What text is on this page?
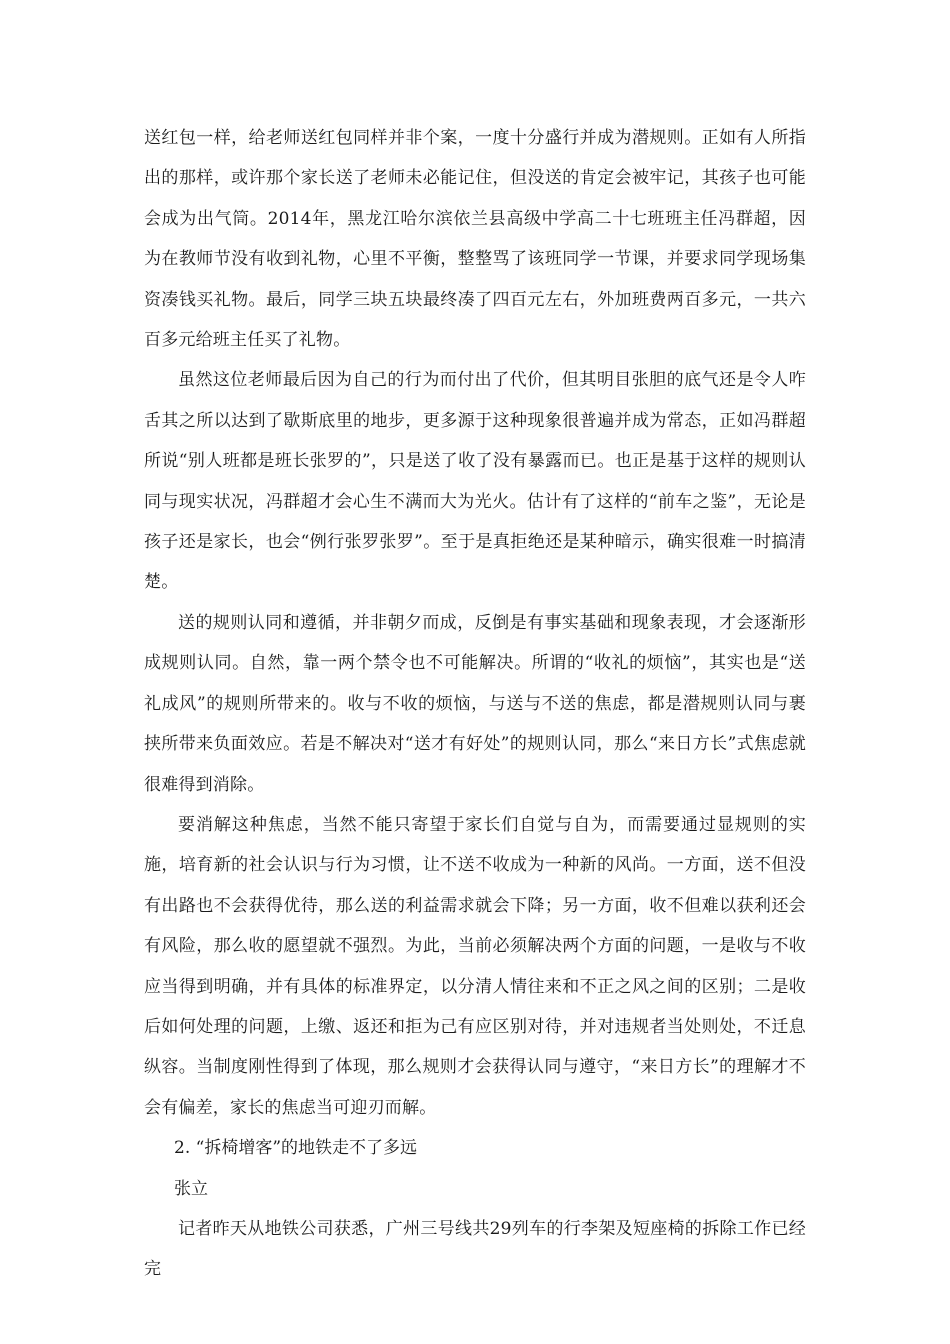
送红包一样，给老师送红包同样并非个案，一度十分盛行并成为潜规则。正如有人所指出的那样，或许那个家长送了老师未必能记住，但没送的肯定会被牢记，其孩子也可能会成为出气筒。2014年，黑龙江哈尔滨依兰县高级中学高二十七班班主任冯群超，因为在教师节没有收到礼物，心里不平衡，整整骂了该班同学一节课，并要求同学现场集资凑钱买礼物。最后，同学三块五块最终凑了四百元左右，外加班费两百多元，一共六百多元给班主任买了礼物。

虽然这位老师最后因为自己的行为而付出了代价，但其明目张胆的底气还是令人咋舌其之所以达到了歇斯底里的地步，更多源于这种现象很普遍并成为常态，正如冯群超所说“别人班都是班长张罗的”，只是送了收了没有暴露而已。也正是基于这样的规则认同与现实状况，冯群超才会心生不满而大为光火。估计有了这样的“前车之鉴”，无论是孩子还是家长，也会“例行张罗张罗”。至于是真拒绝还是某种暗示，确实很难一时搞清楚。

送的规则认同和遵循，并非朝夕而成，反倒是有事实基础和现象表现，才会逐渐形成规则认同。自然，靠一两个禁令也不可能解决。所谓的“收礼的烦恼”，其实也是“送礼成风”的规则所带来的。收与不收的烦恼，与送与不送的焦虑，都是潜规则认同与裹挟所带来负面效应。若是不解决对“送才有好处”的规则认同，那么“来日方长”式焦虑就很难得到消除。

要消解这种焦虑，当然不能只寄望于家长们自觉与自为，而需要通过显规则的实施，培育新的社会认识与行为习惯，让不送不收成为一种新的风尚。一方面，送不但没有出路也不会获得优待，那么送的利益需求就会下降；另一方面，收不但难以获利还会有风险，那么收的愿望就不强烈。为此，当前必须解决两个方面的问题，一是收与不收应当得到明确，并有具体的标准界定，以分清人情往来和不正之风之间的区别；二是收后如何处理的问题，上缴、返还和拒为己有应区别对待，并对违规者当处则处，不迁息纵容。当制度刚性得到了体现，那么规则才会获得认同与遵守，“来日方长”的理解才不会有偏差，家长的焦虑当可迎刃而解。

2. “拆椅增客”的地铁走不了多远

张立

记者昨天从地铁公司获悉，广州三号线共29列车的行李架及短座椅的拆除工作已经完
